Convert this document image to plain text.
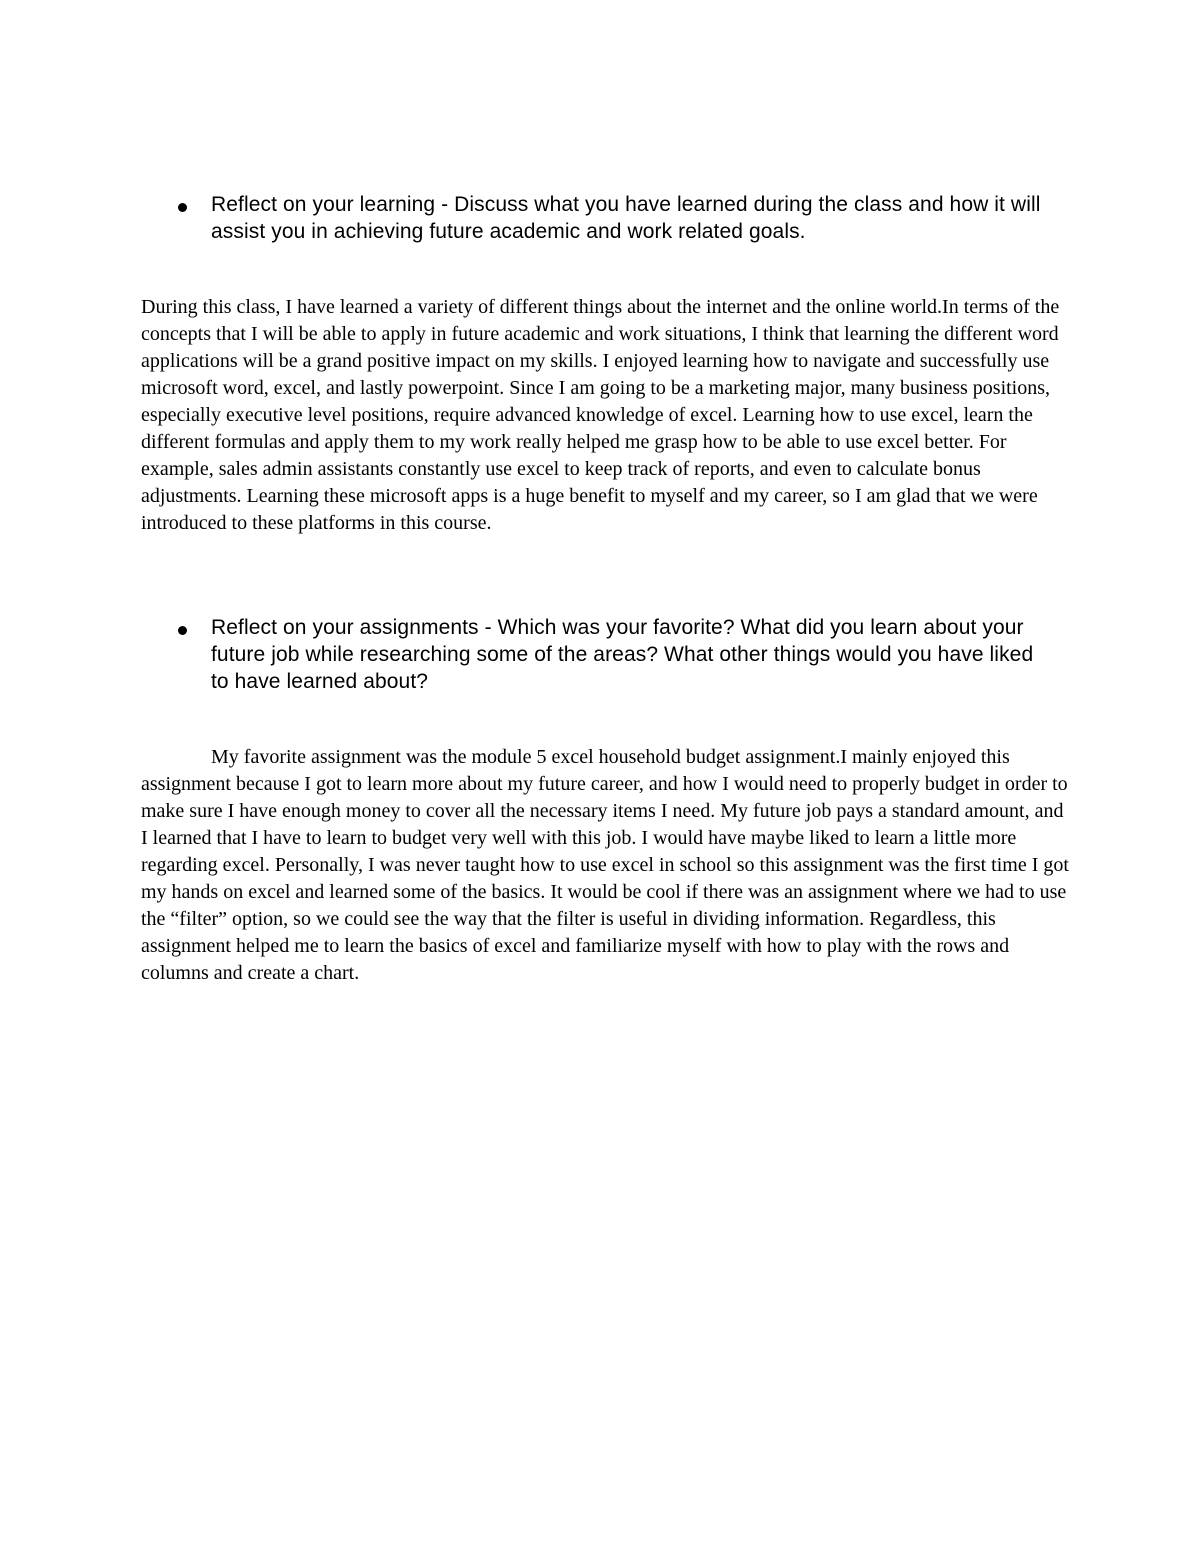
Reflect on your learning - Discuss what you have learned during the class and how it will assist you in achieving future academic and work related goals.

During this class, I have learned a variety of different things about the internet and the online world.In terms of the concepts that I will be able to apply in future academic and work situations, I think that learning the different word applications will be a grand positive impact on my skills. I enjoyed learning how to navigate and successfully use microsoft word, excel, and lastly powerpoint. Since I am going to be a marketing major, many business positions, especially executive level positions, require advanced knowledge of excel. Learning how to use excel, learn the different formulas and apply them to my work really helped me grasp how to be able to use excel better. For example, sales admin assistants constantly use excel to keep track of reports, and even to calculate bonus adjustments. Learning these microsoft apps is a huge benefit to myself and my career, so I am glad that we were introduced to these platforms in this course.

Reflect on your assignments - Which was your favorite? What did you learn about your future job while researching some of the areas? What other things would you have liked to have learned about?

My favorite assignment was the module 5 excel household budget assignment.I mainly enjoyed this assignment because I got to learn more about my future career, and how I would need to properly budget in order to make sure I have enough money to cover all the necessary items I need. My future job pays a standard amount, and I learned that I have to learn to budget very well with this job. I would have maybe liked to learn a little more regarding excel. Personally, I was never taught how to use excel in school so this assignment was the first time I got my hands on excel and learned some of the basics. It would be cool if there was an assignment where we had to use the “filter” option, so we could see the way that the filter is useful in dividing information. Regardless, this assignment helped me to learn the basics of excel and familiarize myself with how to play with the rows and columns and create a chart.
